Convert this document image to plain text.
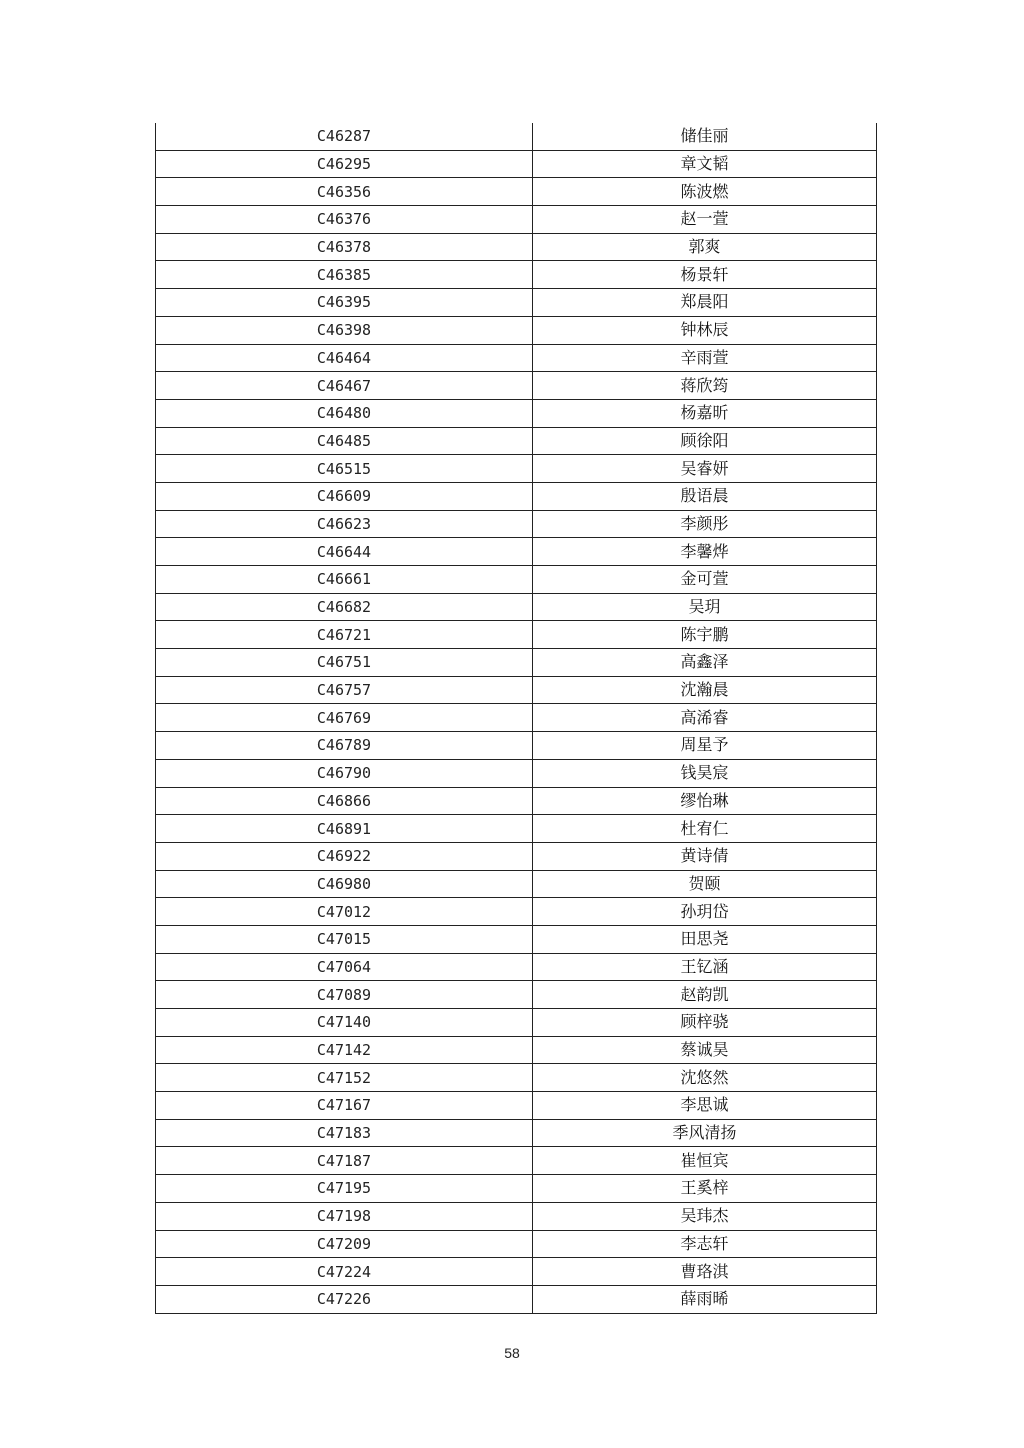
C46287	储佳丽
C46295	章文韬
C46356	陈波燃
C46376	赵一萱
C46378	郭爽
C46385	杨景轩
C46395	郑晨阳
C46398	钟林辰
C46464	辛雨萱
C46467	蒋欣筠
C46480	杨嘉昕
C46485	顾徐阳
C46515	吴睿妍
C46609	殷语晨
C46623	李颜彤
C46644	李馨烨
C46661	金可萱
C46682	吴玥
C46721	陈宇鹏
C46751	高鑫泽
C46757	沈瀚晨
C46769	高浠睿
C46789	周星予
C46790	钱昊宸
C46866	缪怡琳
C46891	杜宥仁
C46922	黄诗倩
C46980	贺颐
C47012	孙玥岱
C47015	田思尧
C47064	王钇涵
C47089	赵韵凯
C47140	顾梓骁
C47142	蔡诚昊
C47152	沈悠然
C47167	李思诚
C47183	季风清扬
C47187	崔恒宾
C47195	王奚梓
C47198	吴玮杰
C47209	李志轩
C47224	曹珞淇
C47226	薛雨晞
58
